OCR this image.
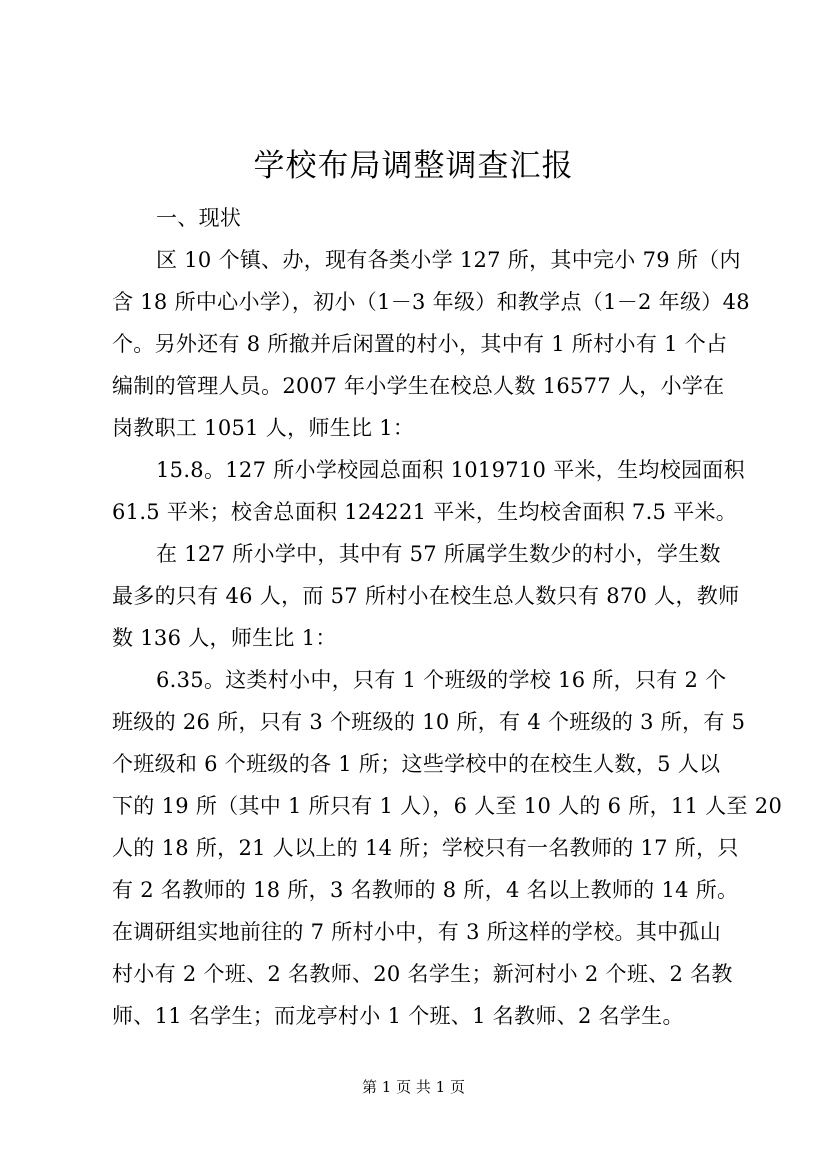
学校布局调整调查汇报
一、现状
区 10 个镇、办，现有各类小学 127 所，其中完小 79 所（内
含 18 所中心小学），初小（1－3 年级）和教学点（1－2 年级）48
个。另外还有 8 所撤并后闲置的村小，其中有 1 所村小有 1 个占
编制的管理人员。2007 年小学生在校总人数 16577 人，小学在
岗教职工 1051 人，师生比 1：
15.8。127 所小学校园总面积 1019710 平米，生均校园面积
61.5 平米；校舍总面积 124221 平米，生均校舍面积 7.5 平米。
在 127 所小学中，其中有 57 所属学生数少的村小，学生数
最多的只有 46 人，而 57 所村小在校生总人数只有 870 人，教师
数 136 人，师生比 1：
6.35。这类村小中，只有 1 个班级的学校 16 所，只有 2 个
班级的 26 所，只有 3 个班级的 10 所，有 4 个班级的 3 所，有 5
个班级和 6 个班级的各 1 所；这些学校中的在校生人数，5 人以
下的 19 所（其中 1 所只有 1 人），6 人至 10 人的 6 所，11 人至 20
人的 18 所，21 人以上的 14 所；学校只有一名教师的 17 所，只
有 2 名教师的 18 所，3 名教师的 8 所，4 名以上教师的 14 所。
在调研组实地前往的 7 所村小中，有 3 所这样的学校。其中孤山
村小有 2 个班、2 名教师、20 名学生；新河村小 2 个班、2 名教
师、11 名学生；而龙亭村小 1 个班、1 名教师、2 名学生。
第 1 页 共 1 页
